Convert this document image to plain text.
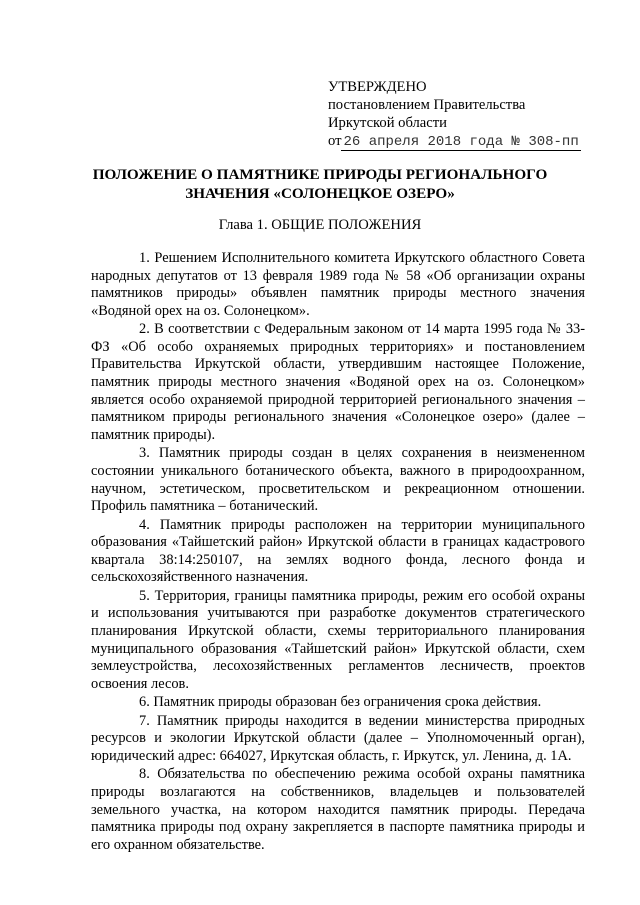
УТВЕРЖДЕНО
постановлением Правительства
Иркутской области
от 26 апреля 2018 года № 308-пп
ПОЛОЖЕНИЕ О ПАМЯТНИКЕ ПРИРОДЫ РЕГИОНАЛЬНОГО
ЗНАЧЕНИЯ «СОЛОНЕЦКОЕ ОЗЕРО»
Глава 1. ОБЩИЕ ПОЛОЖЕНИЯ

1. Решением Исполнительного комитета Иркутского областного Совета народных депутатов от 13 февраля 1989 года № 58 «Об организации охраны памятников природы» объявлен памятник природы местного значения «Водяной орех на оз. Солонецком».

2. В соответствии с Федеральным законом от 14 марта 1995 года № 33-ФЗ «Об особо охраняемых природных территориях» и постановлением Правительства Иркутской области, утвердившим настоящее Положение, памятник природы местного значения «Водяной орех на оз. Солонецком» является особо охраняемой природной территорией регионального значения – памятником природы регионального значения «Солонецкое озеро» (далее – памятник природы).

3. Памятник природы создан в целях сохранения в неизмененном состоянии уникального ботанического объекта, важного в природоохранном, научном, эстетическом, просветительском и рекреационном отношении. Профиль памятника – ботанический.

4. Памятник природы расположен на территории муниципального образования «Тайшетский район» Иркутской области в границах кадастрового квартала 38:14:250107, на землях водного фонда, лесного фонда и сельскохозяйственного назначения.

5. Территория, границы памятника природы, режим его особой охраны и использования учитываются при разработке документов стратегического планирования Иркутской области, схемы территориального планирования муниципального образования «Тайшетский район» Иркутской области, схем землеустройства, лесохозяйственных регламентов лесничеств, проектов освоения лесов.

6. Памятник природы образован без ограничения срока действия.

7. Памятник природы находится в ведении министерства природных ресурсов и экологии Иркутской области (далее – Уполномоченный орган), юридический адрес: 664027, Иркутская область, г. Иркутск, ул. Ленина, д. 1А.

8. Обязательства по обеспечению режима особой охраны памятника природы возлагаются на собственников, владельцев и пользователей земельного участка, на котором находится памятник природы. Передача памятника природы под охрану закрепляется в паспорте памятника природы и его охранном обязательстве.
